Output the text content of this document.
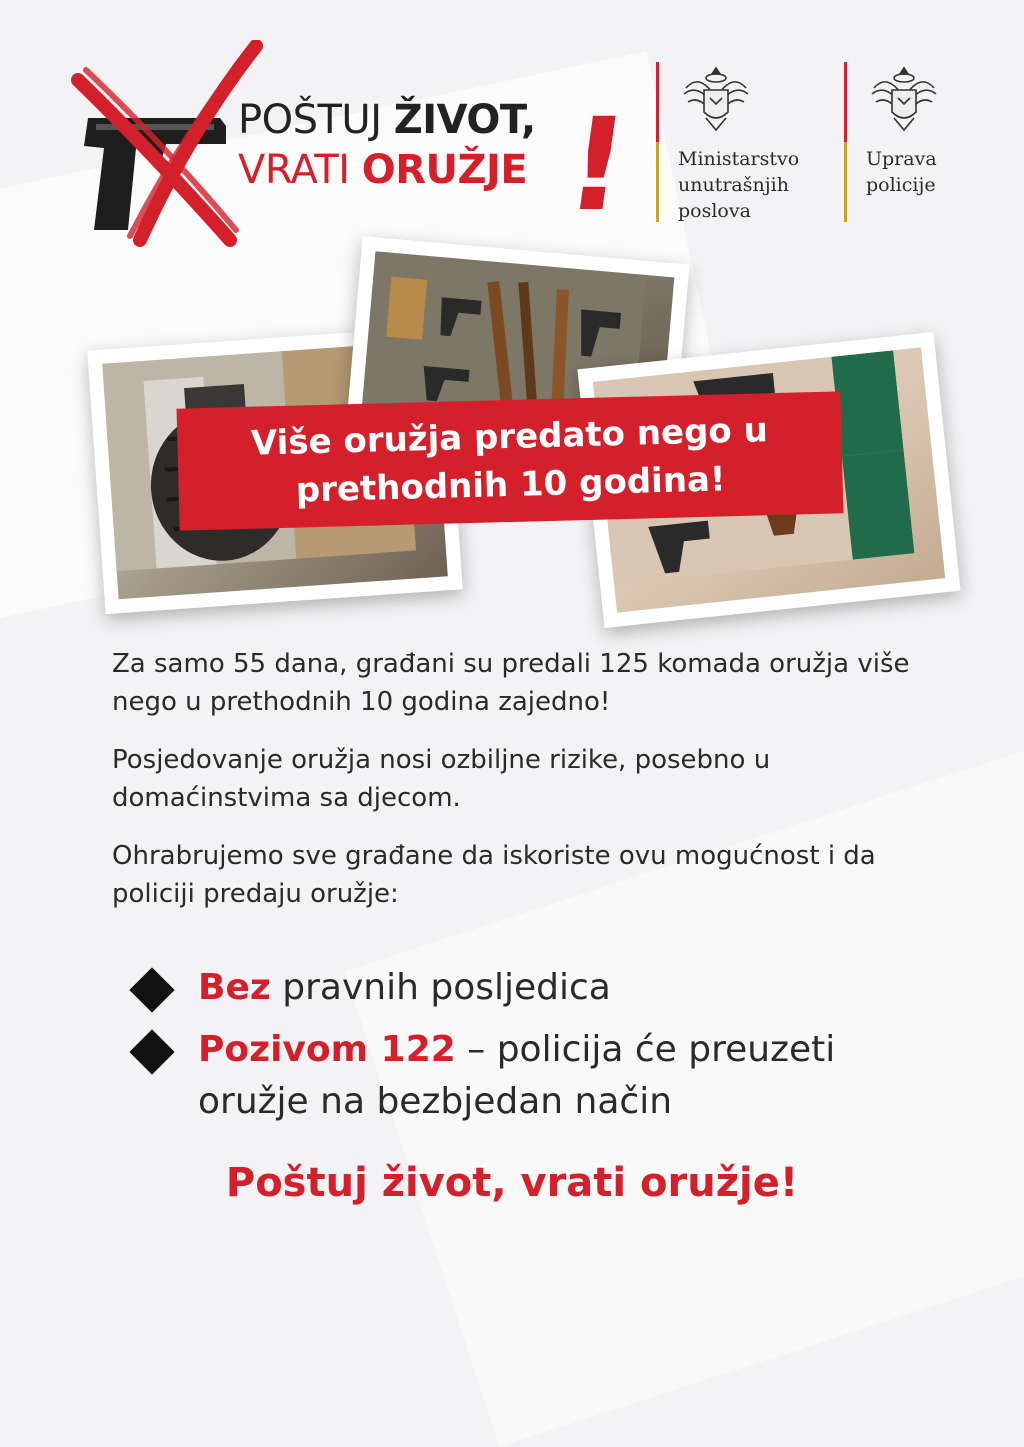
POŠTUJ ŽIVOT,
VRATI ORUŽJE ! Ministarstvo
unutrašnjih
poslova
Uprava
policije
Više oružja predato nego u
prethodnih 10 godina!

Za samo 55 dana, građani su predali 125 komada oružja više nego u prethodnih 10 godina zajedno!

Posjedovanje oružja nosi ozbiljne rizike, posebno u domaćinstvima sa djecom.

Ohrabrujemo sve građane da iskoriste ovu mogućnost i da policiji predaju oružje:

Bez pravnih posljedica
Pozivom 122 – policija će preuzeti oružje na bezbjedan način
Poštuj život, vrati oružje!
